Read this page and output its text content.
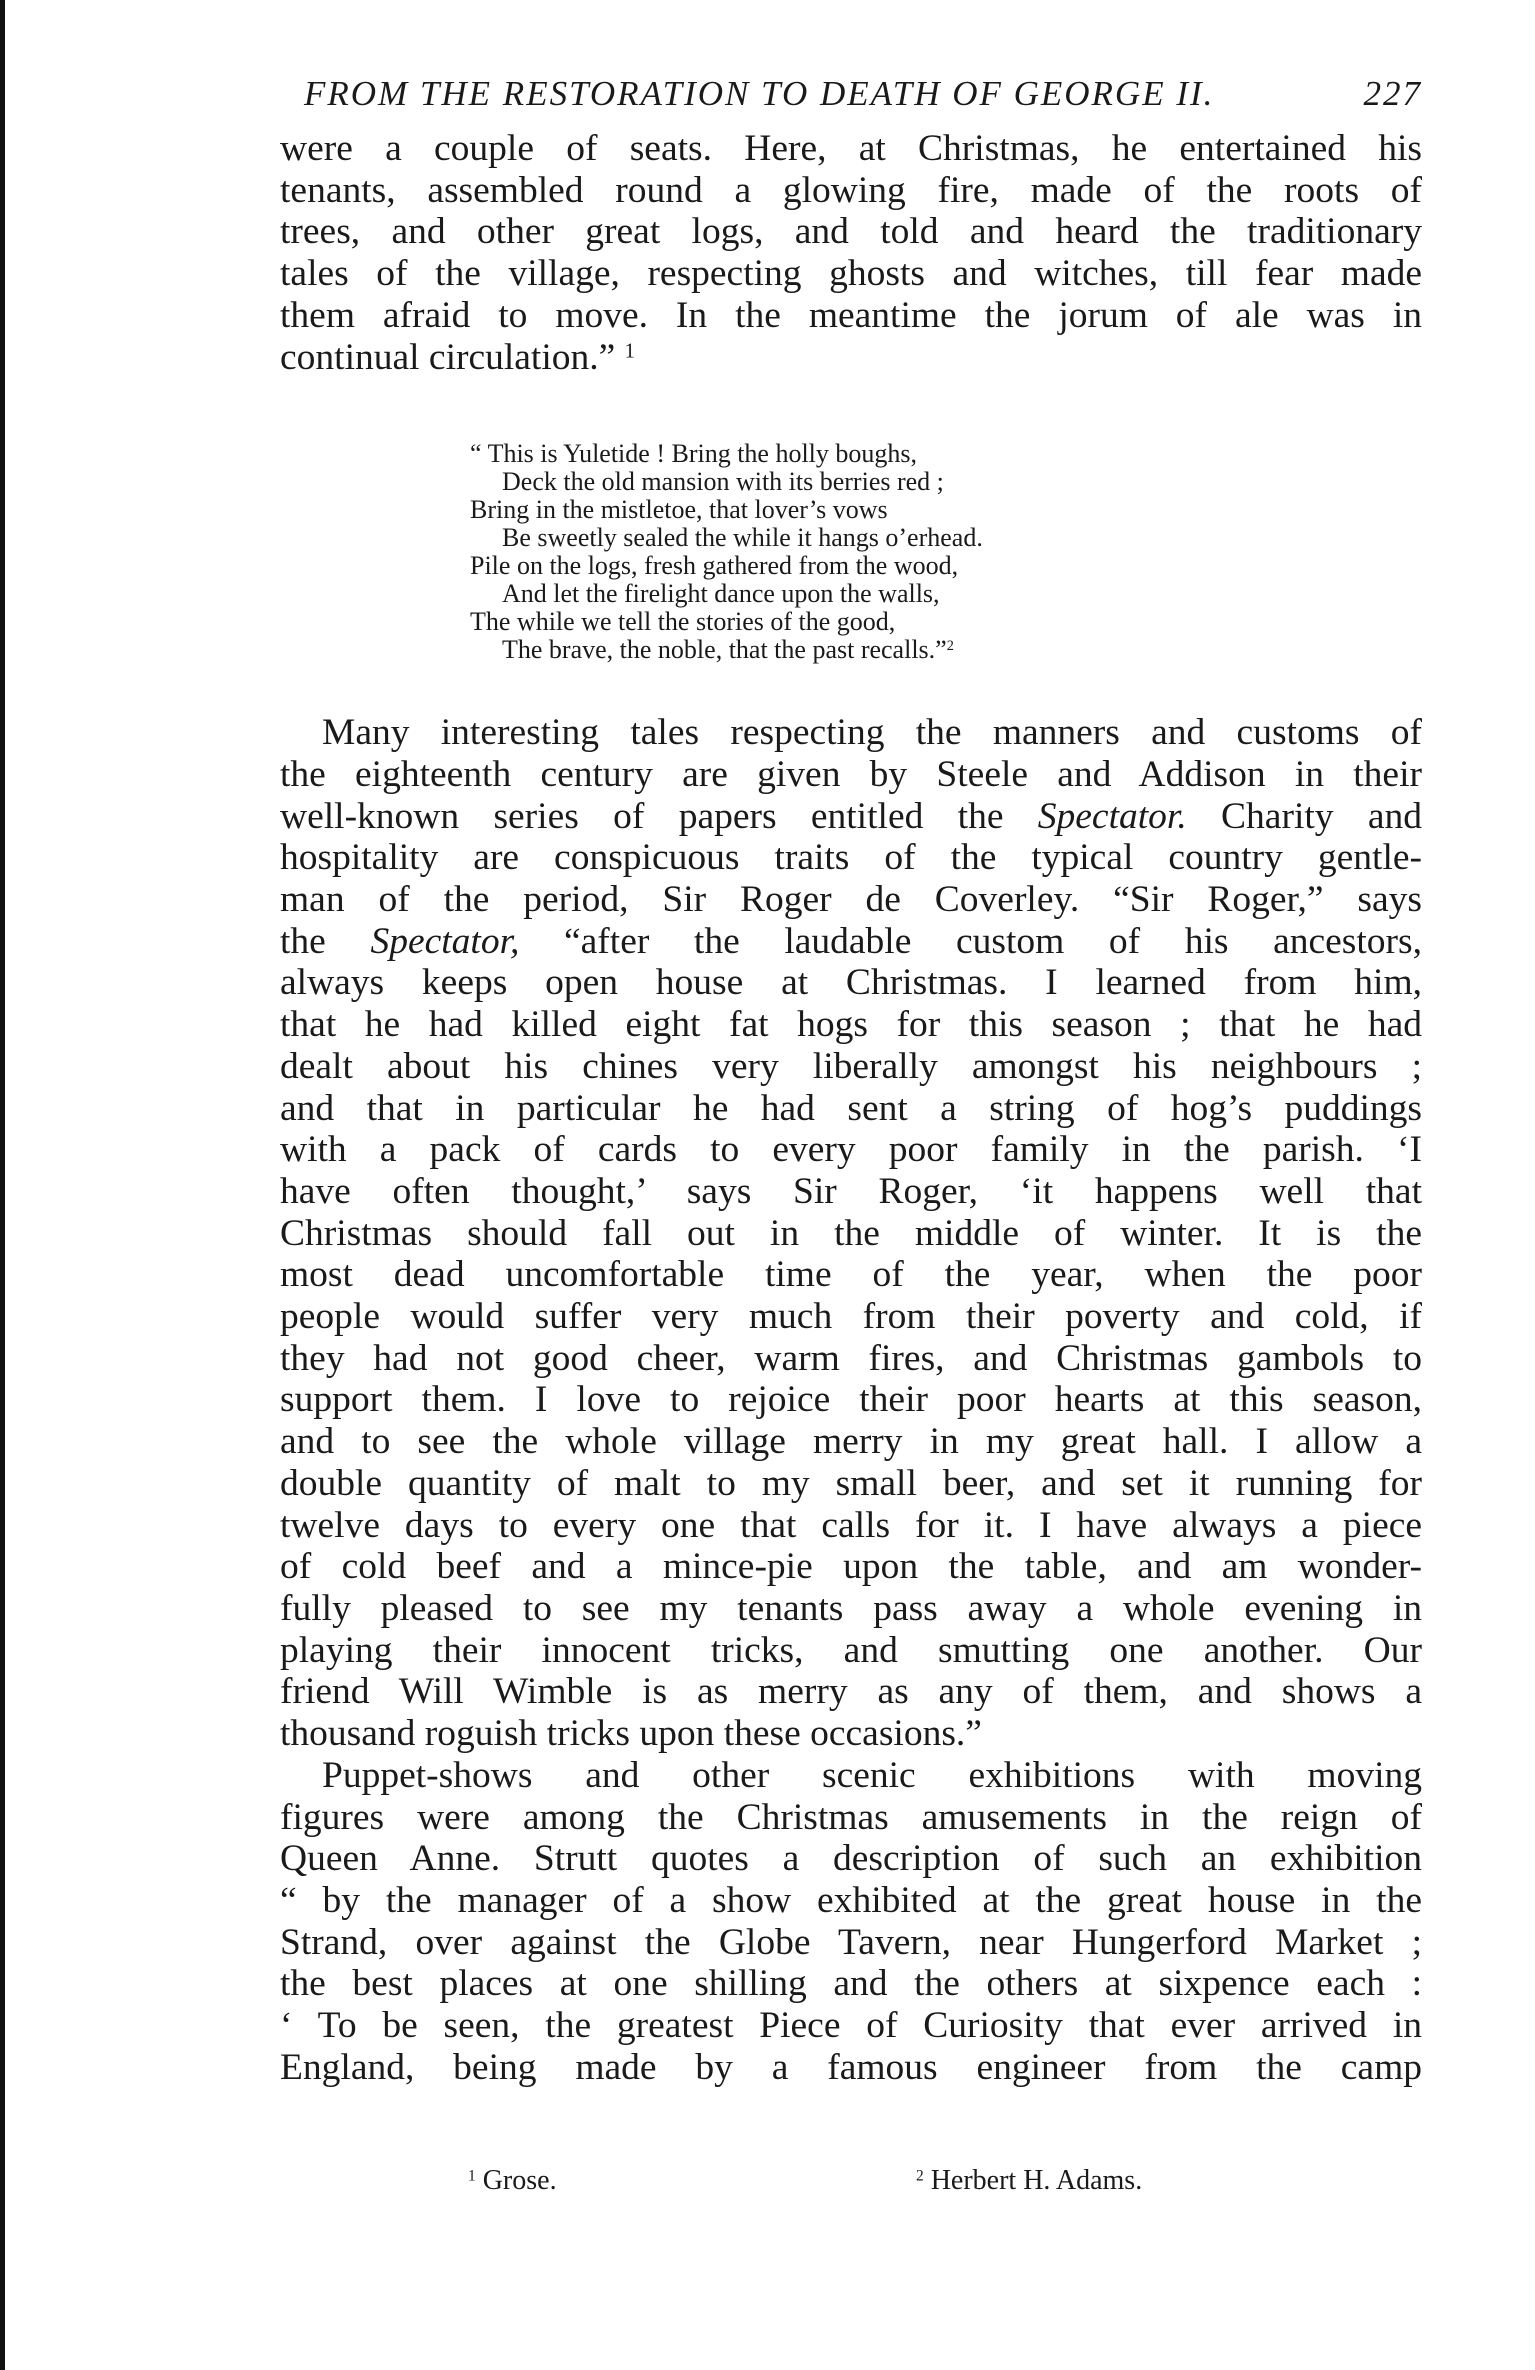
FROM THE RESTORATION TO DEATH OF GEORGE II.	227

were a couple of seats. Here, at Christmas, he entertained his
tenants, assembled round a glowing fire, made of the roots of
trees, and other great logs, and told and heard the traditionary
tales of the village, respecting ghosts and witches, till fear made
them afraid to move. In the meantime the jorum of ale was in
continual circulation.” $^1$

“ This is Yuletide ! Bring the holly boughs,
Deck the old mansion with its berries red ;
Bring in the mistletoe, that lover’s vows
Be sweetly sealed the while it hangs o’erhead.
Pile on the logs, fresh gathered from the wood,
And let the firelight dance upon the walls,
The while we tell the stories of the good,
The brave, the noble, that the past recalls.”$^2$

Many interesting tales respecting the manners and customs of
the eighteenth century are given by Steele and Addison in their
well-known series of papers entitled the Spectator. Charity and
hospitality are conspicuous traits of the typical country gentle-
man of the period, Sir Roger de Coverley. “Sir Roger,” says
the Spectator, “after the laudable custom of his ancestors,
always keeps open house at Christmas. I learned from him,
that he had killed eight fat hogs for this season ; that he had
dealt about his chines very liberally amongst his neighbours ;
and that in particular he had sent a string of hog’s puddings
with a pack of cards to every poor family in the parish. ‘I
have often thought,’ says Sir Roger, ‘it happens well that
Christmas should fall out in the middle of winter. It is the
most dead uncomfortable time of the year, when the poor
people would suffer very much from their poverty and cold, if
they had not good cheer, warm fires, and Christmas gambols to
support them. I love to rejoice their poor hearts at this season,
and to see the whole village merry in my great hall. I allow a
double quantity of malt to my small beer, and set it running for
twelve days to every one that calls for it. I have always a piece
of cold beef and a mince-pie upon the table, and am wonder-
fully pleased to see my tenants pass away a whole evening in
playing their innocent tricks, and smutting one another. Our
friend Will Wimble is as merry as any of them, and shows a
thousand roguish tricks upon these occasions.”

Puppet-shows and other scenic exhibitions with moving
figures were among the Christmas amusements in the reign of
Queen Anne. Strutt quotes a description of such an exhibition
“ by the manager of a show exhibited at the great house in the
Strand, over against the Globe Tavern, near Hungerford Market ;
the best places at one shilling and the others at sixpence each :
‘ To be seen, the greatest Piece of Curiosity that ever arrived in
England, being made by a famous engineer from the camp

$^1$ Grose.	$^2$ Herbert H. Adams.
